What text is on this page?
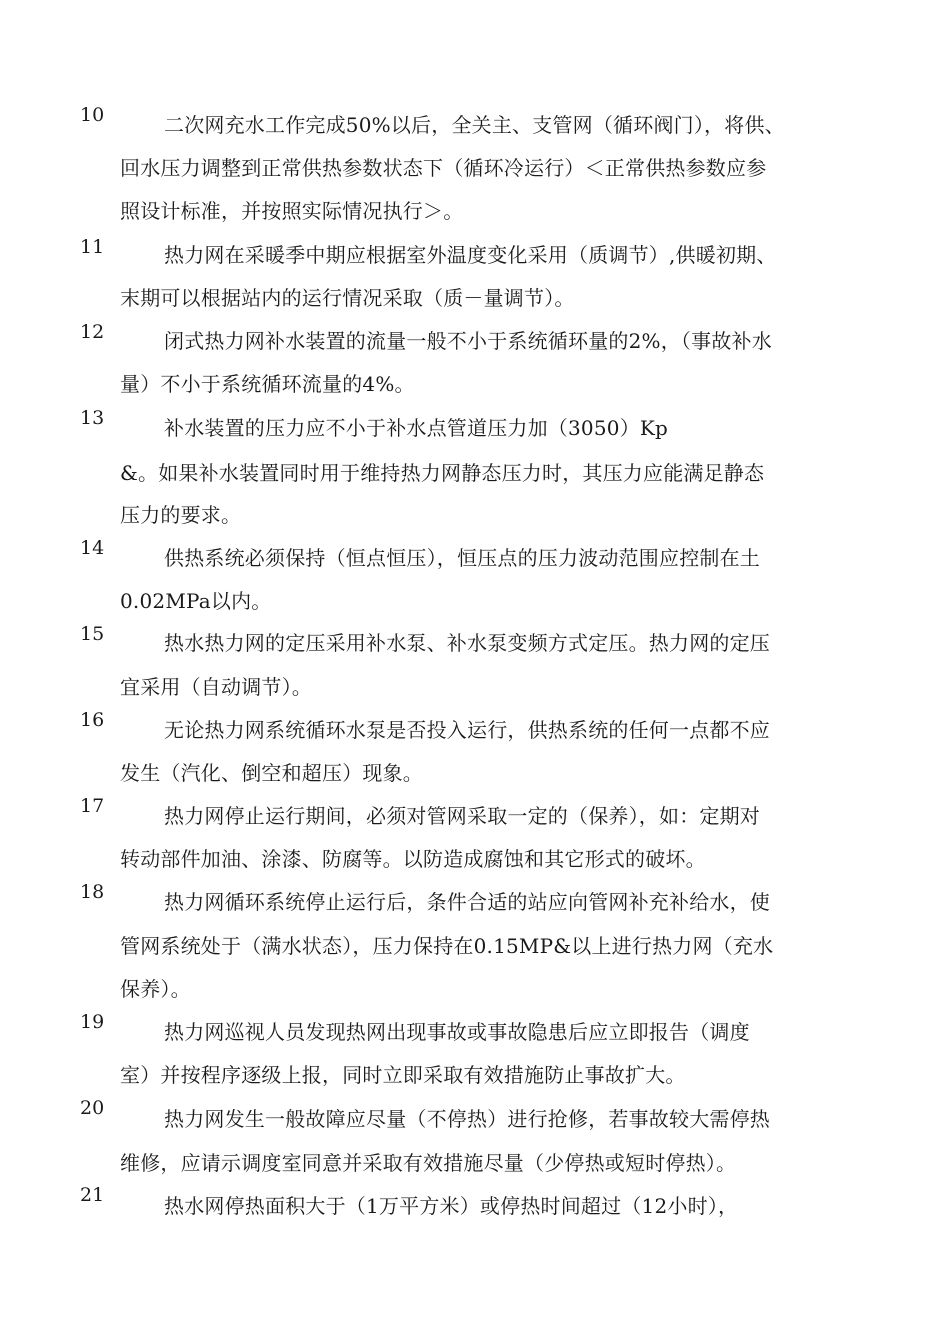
10	二次网充水工作完成50%以后，全关主、支管网（循环阀门），将供、
回水压力调整到正常供热参数状态下（循环冷运行）＜正常供热参数应参
照设计标准，并按照实际情况执行＞。
11	热力网在采暖季中期应根据室外温度变化采用（质调节）,供暖初期、
末期可以根据站内的运行情况采取（质－量调节）。
12	闭式热力网补水装置的流量一般不小于系统循环量的2%，（事故补水
量）不小于系统循环流量的4%。
13	补水装置的压力应不小于补水点管道压力加（3050）Kp
&。如果补水装置同时用于维持热力网静态压力时，其压力应能满足静态
压力的要求。
14	供热系统必须保持（恒点恒压），恒压点的压力波动范围应控制在土
0.02MPa以内。
15	热水热力网的定压采用补水泵、补水泵变频方式定压。热力网的定压
宜采用（自动调节）。
16	无论热力网系统循环水泵是否投入运行，供热系统的任何一点都不应
发生（汽化、倒空和超压）现象。
17	热力网停止运行期间，必须对管网采取一定的（保养），如：定期对
转动部件加油、涂漆、防腐等。以防造成腐蚀和其它形式的破坏。
18	热力网循环系统停止运行后，条件合适的站应向管网补充补给水，使
管网系统处于（满水状态），压力保持在0.15MP&以上进行热力网（充水
保养）。
19	热力网巡视人员发现热网出现事故或事故隐患后应立即报告（调度
室）并按程序逐级上报，同时立即采取有效措施防止事故扩大。
20	热力网发生一般故障应尽量（不停热）进行抢修，若事故较大需停热
维修，应请示调度室同意并采取有效措施尽量（少停热或短时停热）。
21	热水网停热面积大于（1万平方米）或停热时间超过（12小时），
